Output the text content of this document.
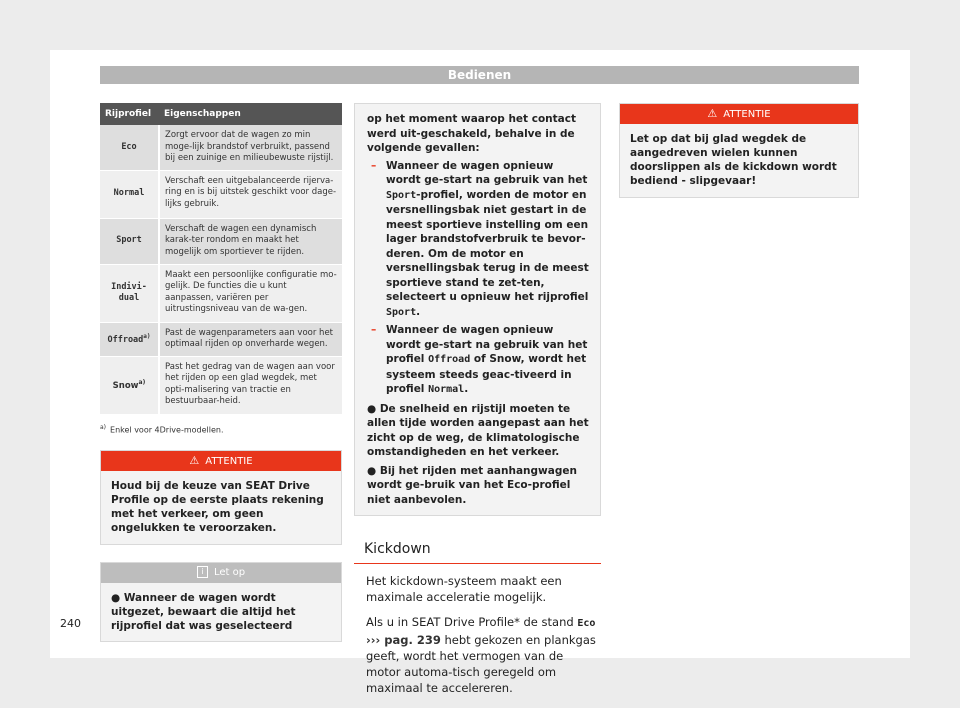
Bedienen
Rijprofiel	Eigenschappen
Eco	Zorgt ervoor dat de wagen zo min moge-lijk brandstof verbruikt, passend bij een zuinige en milieubewuste rijstijl.
Normal	Verschaft een uitgebalanceerde rijerva-ring en is bij uitstek geschikt voor dage-lijks gebruik.
Sport	Verschaft de wagen een dynamisch karak-ter rondom en maakt het mogelijk om sportiever te rijden.
Indivi-dual	Maakt een persoonlijke configuratie mo-gelijk. De functies die u kunt aanpassen, variëren per uitrustingsniveau van de wa-gen.
Offroad$^{a)}$	Past de wagenparameters aan voor het optimaal rijden op onverharde wegen.
Snow$^{a)}$	Past het gedrag van de wagen aan voor het rijden op een glad wegdek, met opti-malisering van tractie en bestuurbaar-heid.
$^{a)}$ Enkel voor 4Drive-modellen.
⚠ ATTENTIE
Houd bij de keuze van SEAT Drive Profile op de eerste plaats rekening met het verkeer, om geen ongelukken te veroorzaken.
i Let op
● Wanneer de wagen wordt uitgezet, bewaart die altijd het rijprofiel dat was geselecteerd

op het moment waarop het contact werd uit-geschakeld, behalve in de volgende gevallen:

– Wanneer de wagen opnieuw wordt ge-start na gebruik van het Sport-profiel, worden de motor en versnellingsbak niet gestart in de meest sportieve instelling om een lager brandstofverbruik te bevor-deren. Om de motor en versnellingsbak terug in de meest sportieve stand te zet-ten, selecteert u opnieuw het rijprofiel Sport.
– Wanneer de wagen opnieuw wordt ge-start na gebruik van het profiel Offroad of Snow, wordt het systeem steeds geac-tiveerd in profiel Normal.
● De snelheid en rijstijl moeten te allen tijde worden aangepast aan het zicht op de weg, de klimatologische omstandigheden en het verkeer.
● Bij het rijden met aanhangwagen wordt ge-bruik van het Eco-profiel niet aanbevolen.
Kickdown
Het kickdown-systeem maakt een maximale acceleratie mogelijk.
Als u in SEAT Drive Profile* de stand Eco
››› pag. 239 hebt gekozen en plankgas geeft, wordt het vermogen van de motor automa-tisch geregeld om maximaal te accelereren.
⚠ ATTENTIE
Let op dat bij glad wegdek de aangedreven wielen kunnen doorslippen als de kickdown wordt bediend - slipgevaar!
240
